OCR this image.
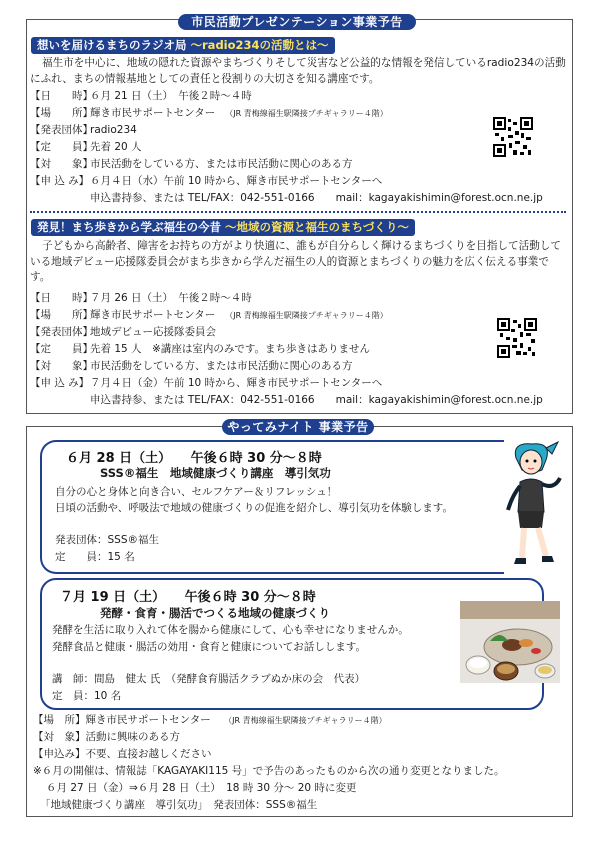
市民活動プレゼンテーション事業予告
想いを届けるまちのラジオ局 ～radio234の活動とは～
福生市を中心に、地域の隠れた資源やまちづくりそして災害など公益的な情報を発信しているradio234の活動にふれ、まちの情報基地としての責任と役割りの大切さを知る講座です。
【日　　時】６月 21 日（土）　午後２時～４時
【場　　所】輝き市民サポートセンター （JR 青梅線福生駅隣接プチギャラリー４階）
【発表団体】radio234
【定　　員】先着 20 人
【対　　象】市民活動をしている方、または市民活動に関心のある方
【申 込 み】６月４日（水）午前 10 時から、輝き市民サポートセンターへ
申込書持参、または TEL/FAX：042-551-0166　　mail：kagayakishimin@forest.ocn.ne.jp
発見！まち歩きから学ぶ福生の今昔 ～地域の資源と福生のまちづくり～
子どもから高齢者、障害をお持ちの方がより快適に、誰もが自分らしく輝けるまちづくりを目指して活動している地域デビュー応援隊委員会がまち歩きから学んだ福生の人的資源とまちづくりの魅力を広く伝える事業です。
【日　　時】７月 26 日（土）　午後２時～４時
【場　　所】輝き市民サポートセンター （JR 青梅線福生駅隣接プチギャラリー４階）
【発表団体】地域デビュー応援隊委員会
【定　　員】先着 15 人　※講座は室内のみです。まち歩きはありません
【対　　象】市民活動をしている方、または市民活動に関心のある方
【申 込 み】７月４日（金）午前 10 時から、輝き市民サポートセンターへ
申込書持参、または TEL/FAX：042-551-0166　　mail：kagayakishimin@forest.ocn.ne.jp
やってみナイト 事業予告
６月 28 日（土）　　午後６時 30 分～８時
SSS®福生　地域健康づくり講座　導引気功
自分の心と身体と向き合い、セルフケアー＆リフレッシュ！
日頃の活動や、呼吸法で地域の健康づくりの促進を紹介し、導引気功を体験します。
発表団体：SSS®福生
定　　員：15 名
７月 19 日（土）　　午後６時 30 分～８時
発酵・食育・腸活でつくる地域の健康づくり
発酵を生活に取り入れて体を腸から健康にして、心も幸せになりませんか。
発酵食品と健康・腸活の効用・食育と健康についてお話しします。
講　師：間島　健太 氏　（発酵食育腸活クラブぬか床の会　代表）
定　員：10 名
【場　所】輝き市民サポートセンター （JR 青梅線福生駅隣接プチギャラリー４階）
【対　象】活動に興味のある方
【申込み】不要、直接お越しください
※６月の開催は、情報誌「KAGAYAKI115 号」で予告のあったものから次の通り変更となりました。
６月 27 日（金）⇒６月 28 日（土）　18 時 30 分～ 20 時に変更
「地域健康づくり講座　導引気功」　発表団体：SSS®福生
